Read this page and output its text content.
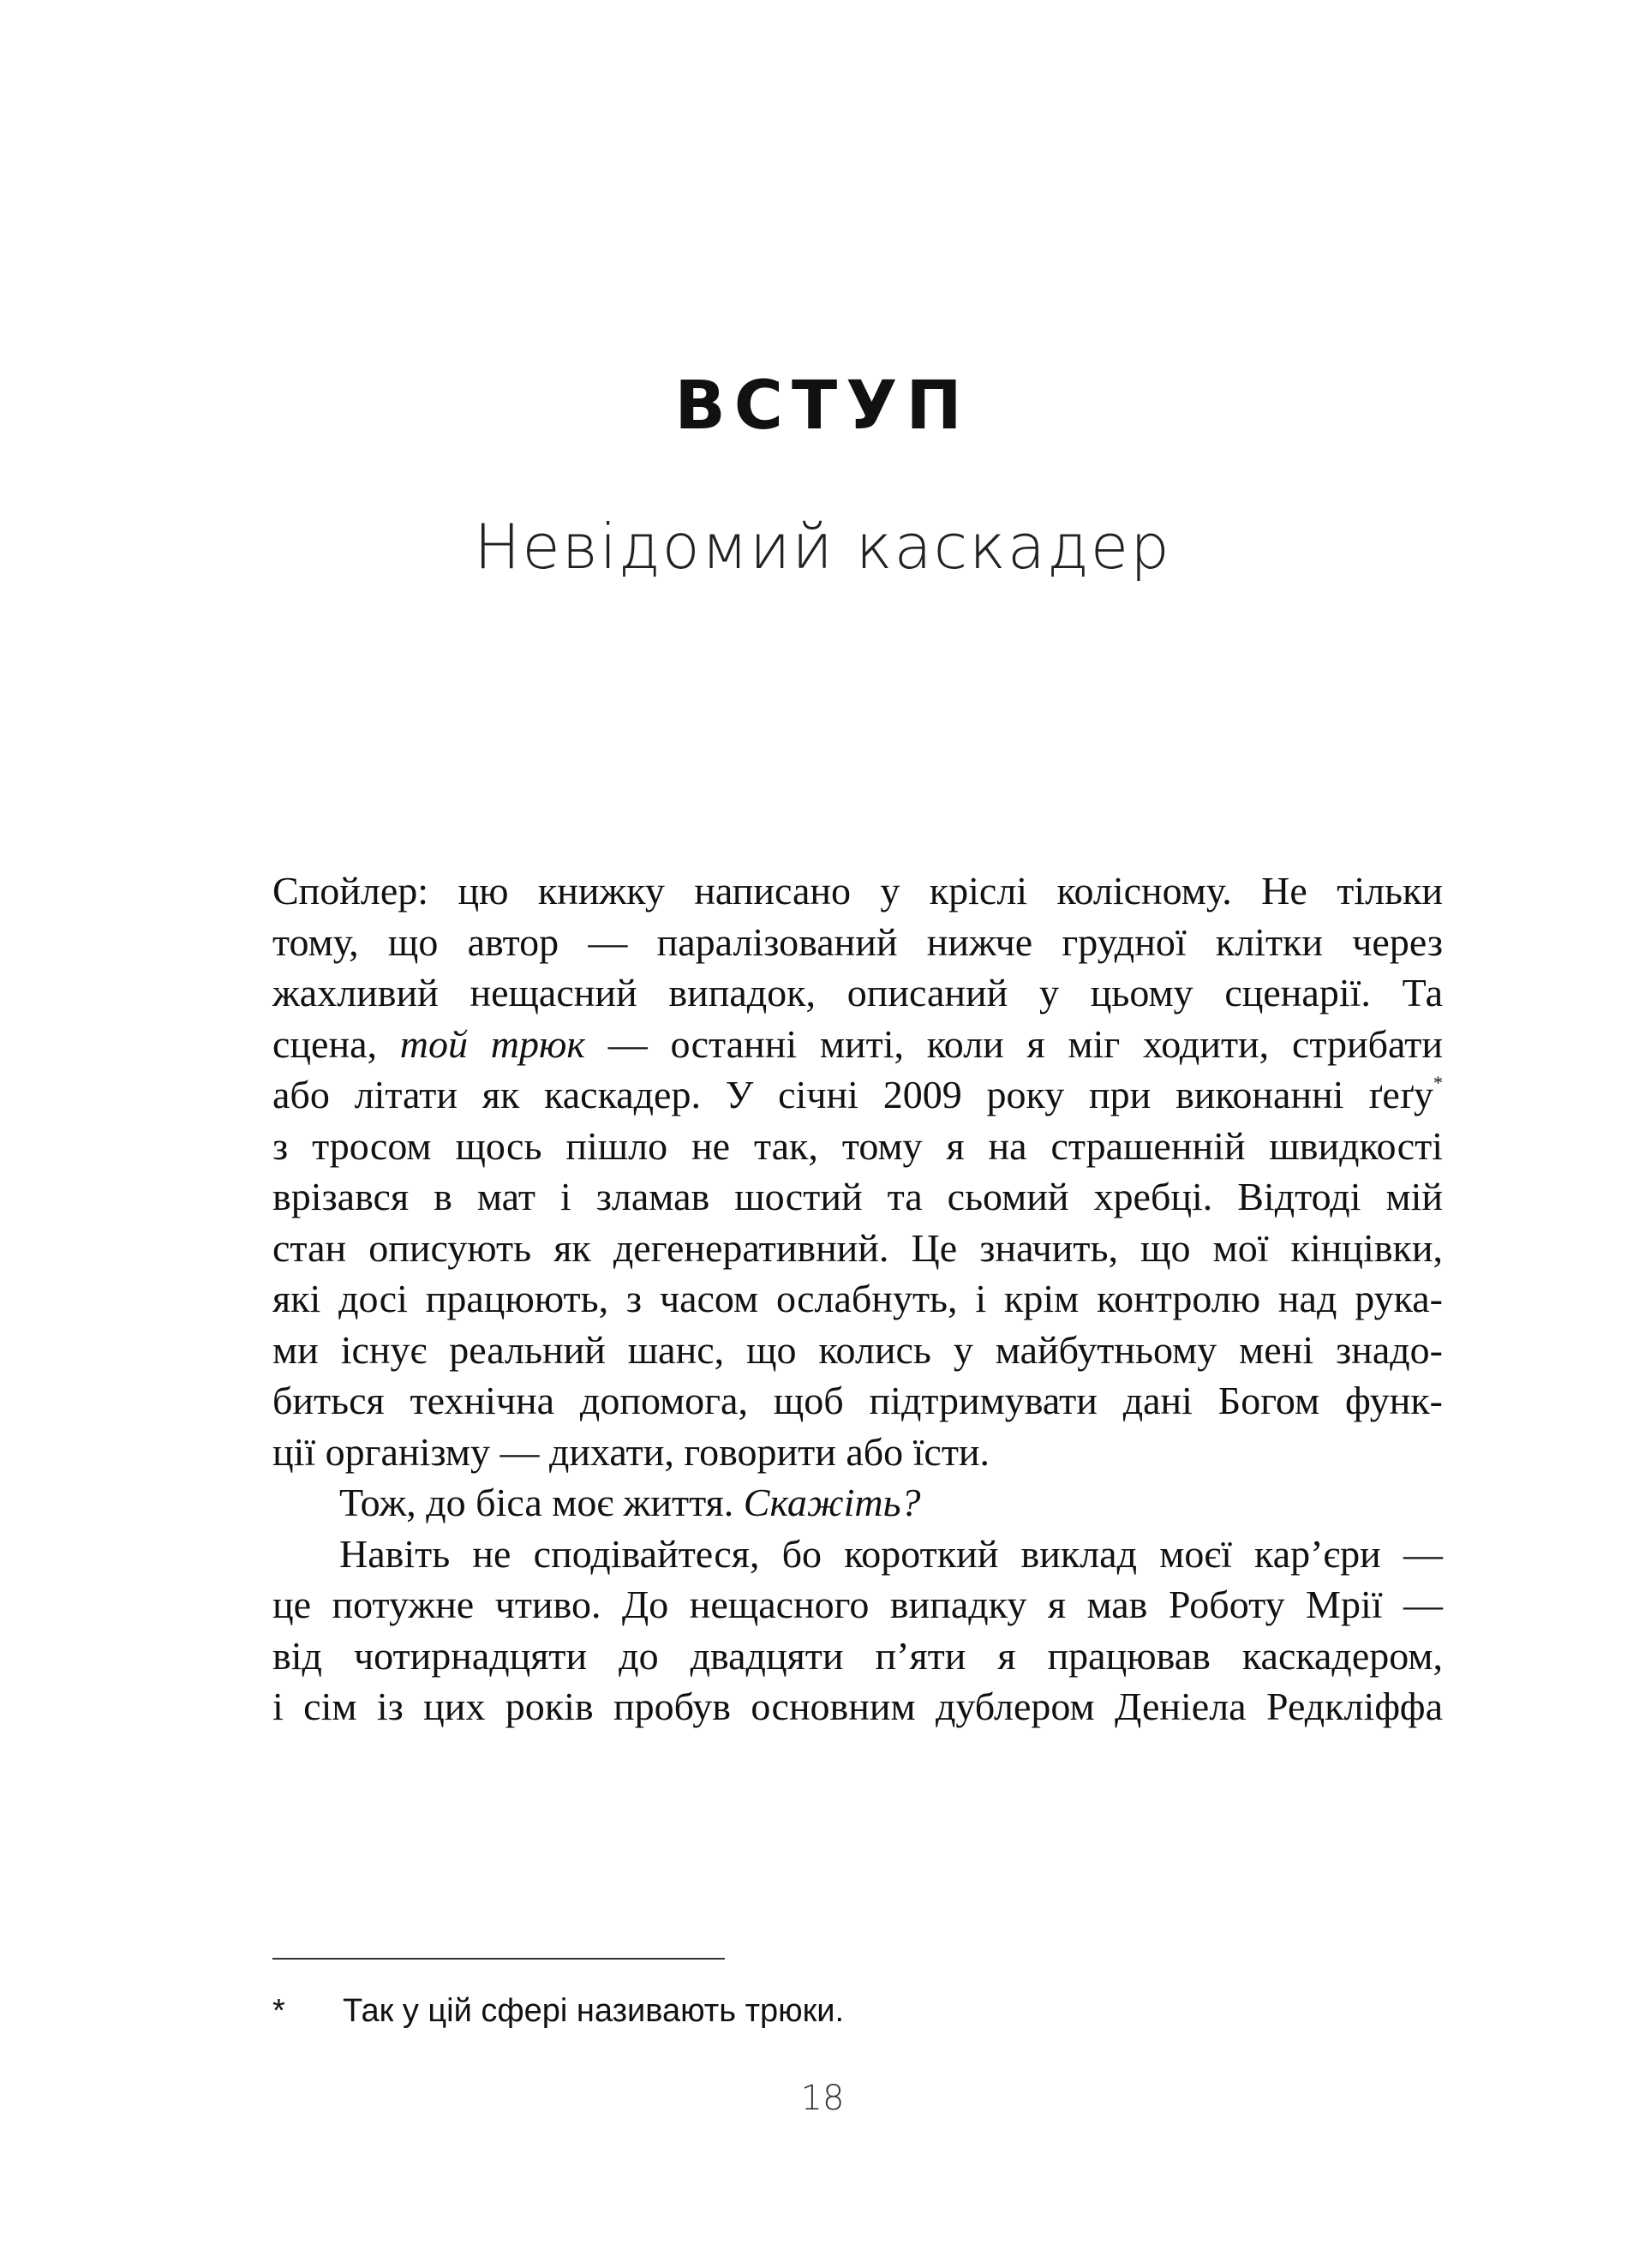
ВСТУП
Невідомий каскадер

Спойлер: цю книжку написано у кріслі колісному. Не тільки
тому, що автор — паралізований нижче грудної клітки через
жахливий нещасний випадок, описаний у цьому сценарії. Та
сцена, той трюк — останні миті, коли я міг ходити, стрибати
або літати як каскадер. У січні 2009 року при виконанні ґеґу*
з тросом щось пішло не так, тому я на страшенній швидкості
врізався в мат і зламав шостий та сьомий хребці. Відтоді мій
стан описують як дегенеративний. Це значить, що мої кінцівки,
які досі працюють, з часом ослабнуть, і крім контролю над рука-
ми існує реальний шанс, що колись у майбутньому мені знадо-
биться технічна допомога, щоб підтримувати дані Богом функ-
ції організму — дихати, говорити або їсти.

Тож, до біса моє життя. Скажіть?

Навіть не сподівайтеся, бо короткий виклад моєї кар’єри —
це потужне чтиво. До нещасного випадку я мав Роботу Мрії —
від чотирнадцяти до двадцяти п’яти я працював каскадером,
і сім із цих років пробув основним дублером Деніела Редкліффа

* Так у цій сфері називають трюки.
18
